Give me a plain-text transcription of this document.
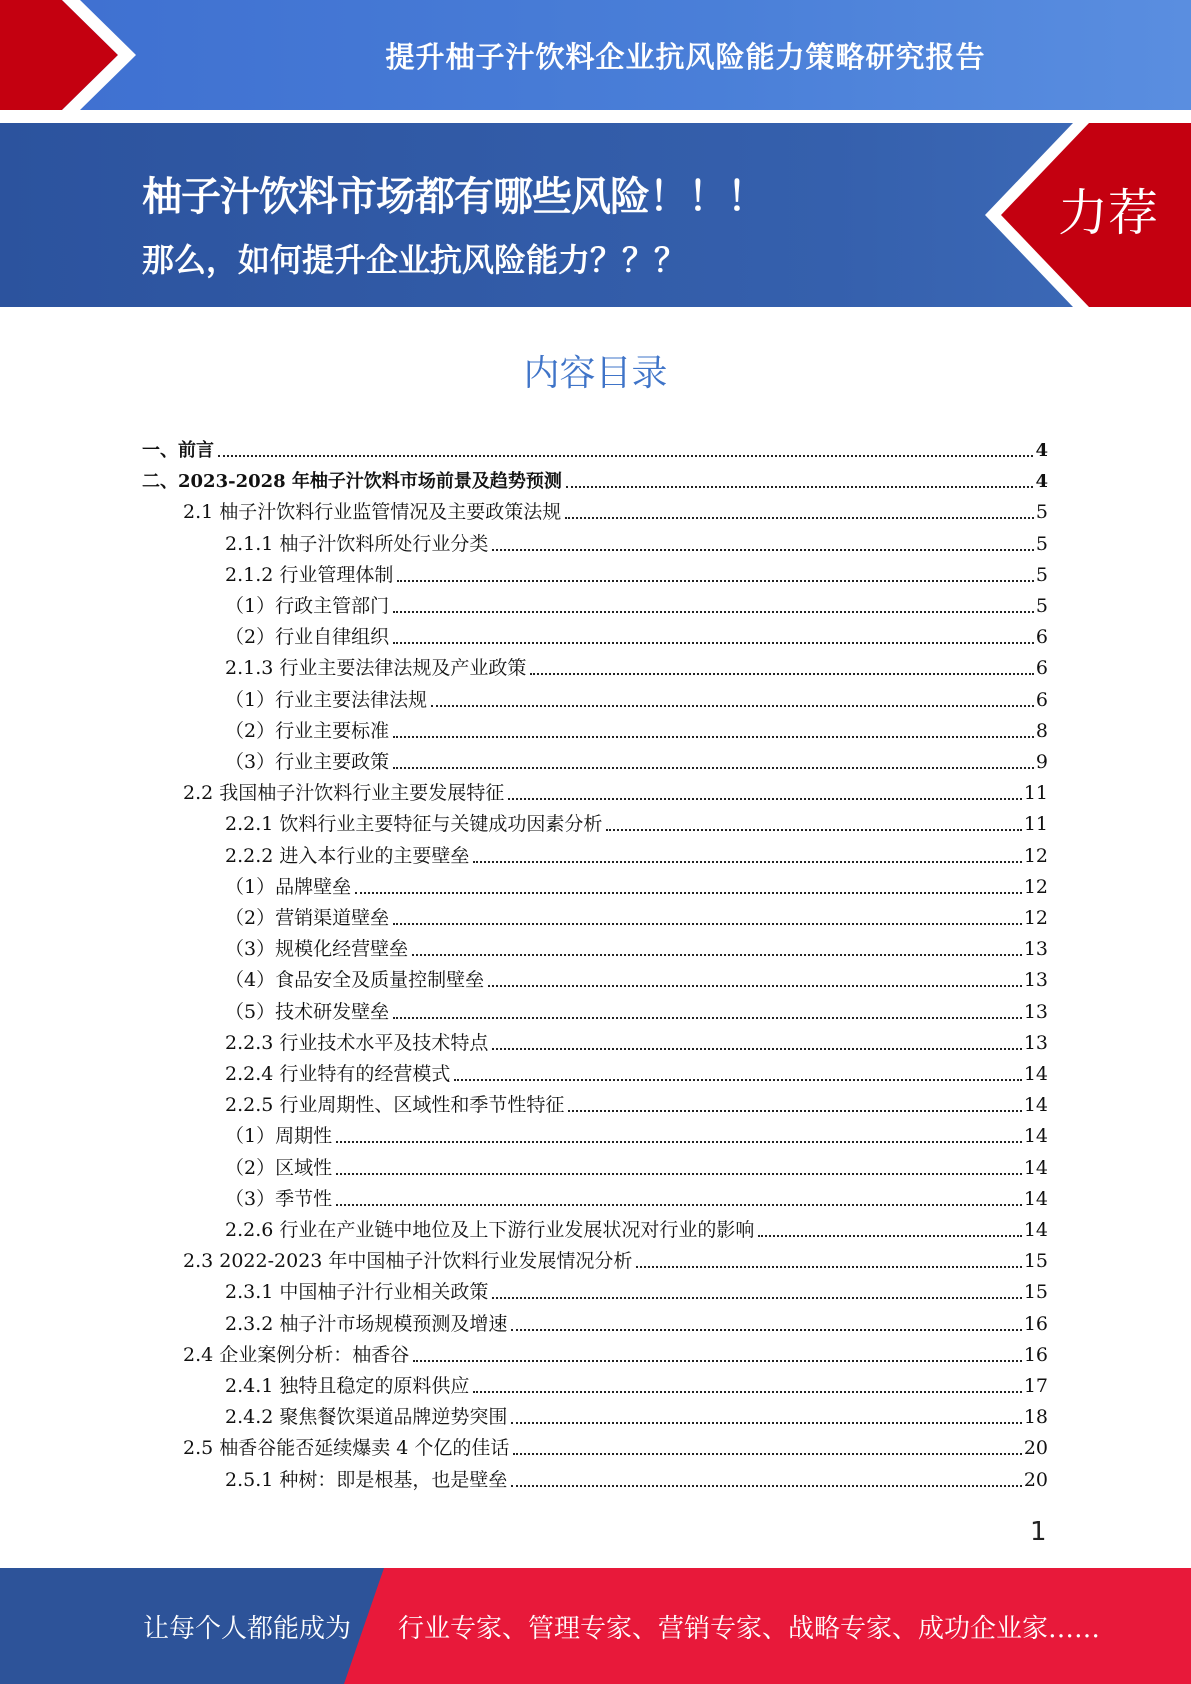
提升柚子汁饮料企业抗风险能力策略研究报告
柚子汁饮料市场都有哪些风险！！！
那么，如何提升企业抗风险能力？？？
力荐
内容目录
一、前言	4
二、2023-2028 年柚子汁饮料市场前景及趋势预测	4
2.1 柚子汁饮料行业监管情况及主要政策法规	5
2.1.1 柚子汁饮料所处行业分类	5
2.1.2 行业管理体制	5
（1）行政主管部门	5
（2）行业自律组织	6
2.1.3 行业主要法律法规及产业政策	6
（1）行业主要法律法规	6
（2）行业主要标准	8
（3）行业主要政策	9
2.2 我国柚子汁饮料行业主要发展特征	11
2.2.1 饮料行业主要特征与关键成功因素分析	11
2.2.2 进入本行业的主要壁垒	12
（1）品牌壁垒	12
（2）营销渠道壁垒	12
（3）规模化经营壁垒	13
（4）食品安全及质量控制壁垒	13
（5）技术研发壁垒	13
2.2.3 行业技术水平及技术特点	13
2.2.4 行业特有的经营模式	14
2.2.5 行业周期性、区域性和季节性特征	14
（1）周期性	14
（2）区域性	14
（3）季节性	14
2.2.6 行业在产业链中地位及上下游行业发展状况对行业的影响	14
2.3 2022-2023 年中国柚子汁饮料行业发展情况分析	15
2.3.1 中国柚子汁行业相关政策	15
2.3.2 柚子汁市场规模预测及增速	16
2.4 企业案例分析：柚香谷	16
2.4.1 独特且稳定的原料供应	17
2.4.2 聚焦餐饮渠道品牌逆势突围	18
2.5 柚香谷能否延续爆卖 4 个亿的佳话	20
2.5.1 种树：即是根基，也是壁垒	20
1
让每个人都能成为 行业专家、管理专家、营销专家、战略专家、成功企业家……
